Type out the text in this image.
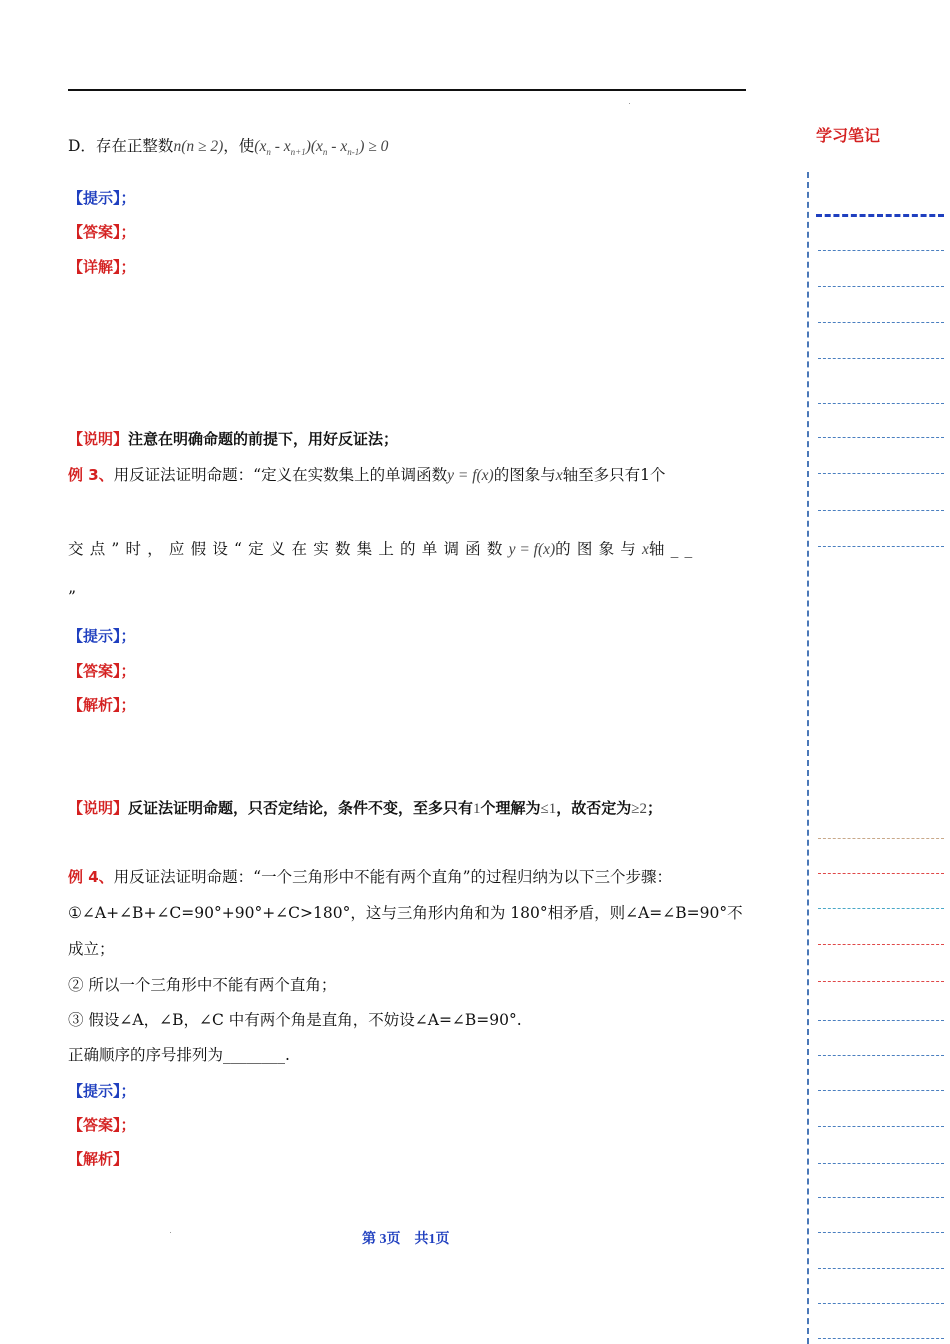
D．存在正整数n(n ≥ 2)，使$(x_n - x_{n+1})(x_n - x_{n-1}) \ge 0$
【提示】；
【答案】；
【详解】；
【说明】注意在明确命题的前提下，用好反证法；
例 3、用反证法证明命题：“定义在实数集上的单调函数y = f(x)的图象与x轴至多只有1个
交点”时，应假设“定义在实数集上的单调函数y = f(x)的图象与x轴__
”
【提示】；
【答案】；
【解析】；
【说明】反证法证明命题，只否定结论，条件不变，至多只有1个理解为≤1，故否定为≥2；
例 4、用反证法证明命题：“一个三角形中不能有两个直角”的过程归纳为以下三个步骤：
①∠A+∠B+∠C=90°+90°+∠C>180°，这与三角形内角和为 180°相矛盾，则∠A=∠B=90°不
成立；
② 所以一个三角形中不能有两个直角；
③ 假设∠A，∠B，∠C 中有两个角是直角，不妨设∠A=∠B=90°.
正确顺序的序号排列为________.
【提示】；
【答案】；
【解析】
第 3页 共1页
学习笔记
